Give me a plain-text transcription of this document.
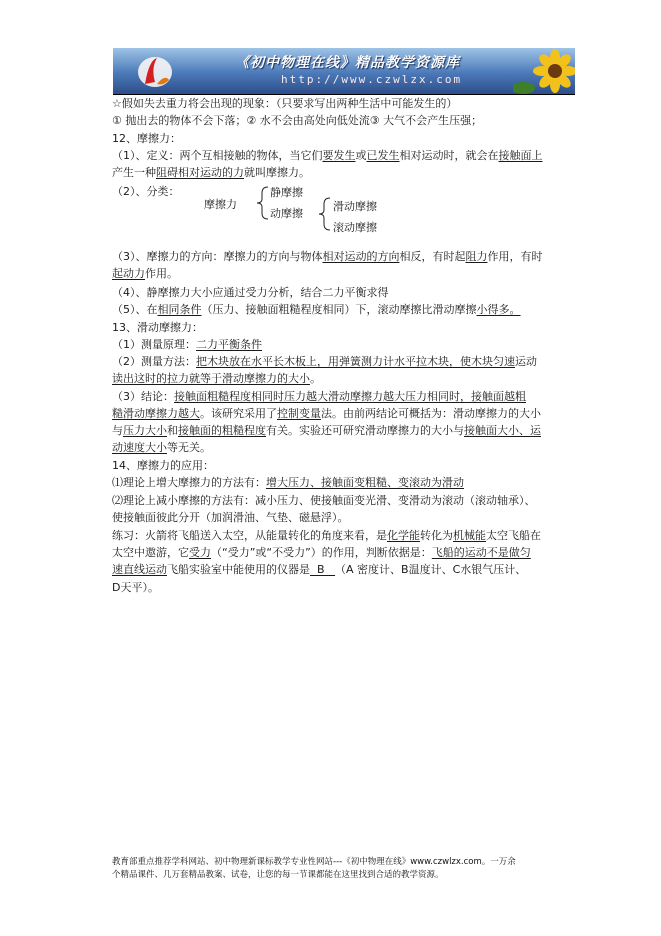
《初中物理在线》精品教学资源库
http://www.czwlzx.com
☆假如失去重力将会出现的现象：（只要求写出两种生活中可能发生的）
① 抛出去的物体不会下落；② 水不会由高处向低处流③ 大气不会产生压强；
12、摩擦力：
（1）、定义：两个互相接触的物体，当它们要发生或已发生相对运动时，就会在接触面上
产生一种阻碍相对运动的力就叫摩擦力。
（2）、分类：
摩擦力
静摩擦
动摩擦
滑动摩擦
滚动摩擦
（3）、摩擦力的方向：摩擦力的方向与物体相对运动的方向相反，有时起阻力作用，有时
起动力作用。
（4）、静摩擦力大小应通过受力分析，结合二力平衡求得
（5）、在相同条件（压力、接触面粗糙程度相同）下，滚动摩擦比滑动摩擦小得多。
13、滑动摩擦力：
（1）测量原理：二力平衡条件
（2）测量方法：把木块放在水平长木板上，用弹簧测力计水平拉木块，使木块匀速运动
读出这时的拉力就等于滑动摩擦力的大小。
（3）结论：接触面粗糙程度相同时压力越大滑动摩擦力越大压力相同时，接触面越粗
糙滑动摩擦力越大。该研究采用了控制变量法。由前两结论可概括为：滑动摩擦力的大小
与压力大小和接触面的粗糙程度有关。实验还可研究滑动摩擦力的大小与接触面大小、运
动速度大小等无关。
14、摩擦力的应用：
⑴理论上增大摩擦力的方法有：增大压力、接触面变粗糙、变滚动为滑动
⑵理论上减小摩擦的方法有：减小压力、使接触面变光滑、变滑动为滚动（滚动轴承）、
使接触面彼此分开（加润滑油、气垫、磁悬浮）。
练习：火箭将飞船送入太空，从能量转化的角度来看，是化学能转化为机械能太空飞船在
太空中遨游，它受力（“受力”或“不受力”）的作用，判断依据是：飞船的运动不是做匀
速直线运动飞船实验室中能使用的仪器是  B   （A 密度计、B温度计、C水银气压计、
D天平）。
教育部重点推荐学科网站、初中物理新课标教学专业性网站---《初中物理在线》www.czwlzx.com。一万余
个精品课件、几万套精品教案、试卷，让您的每一节课都能在这里找到合适的教学资源。
